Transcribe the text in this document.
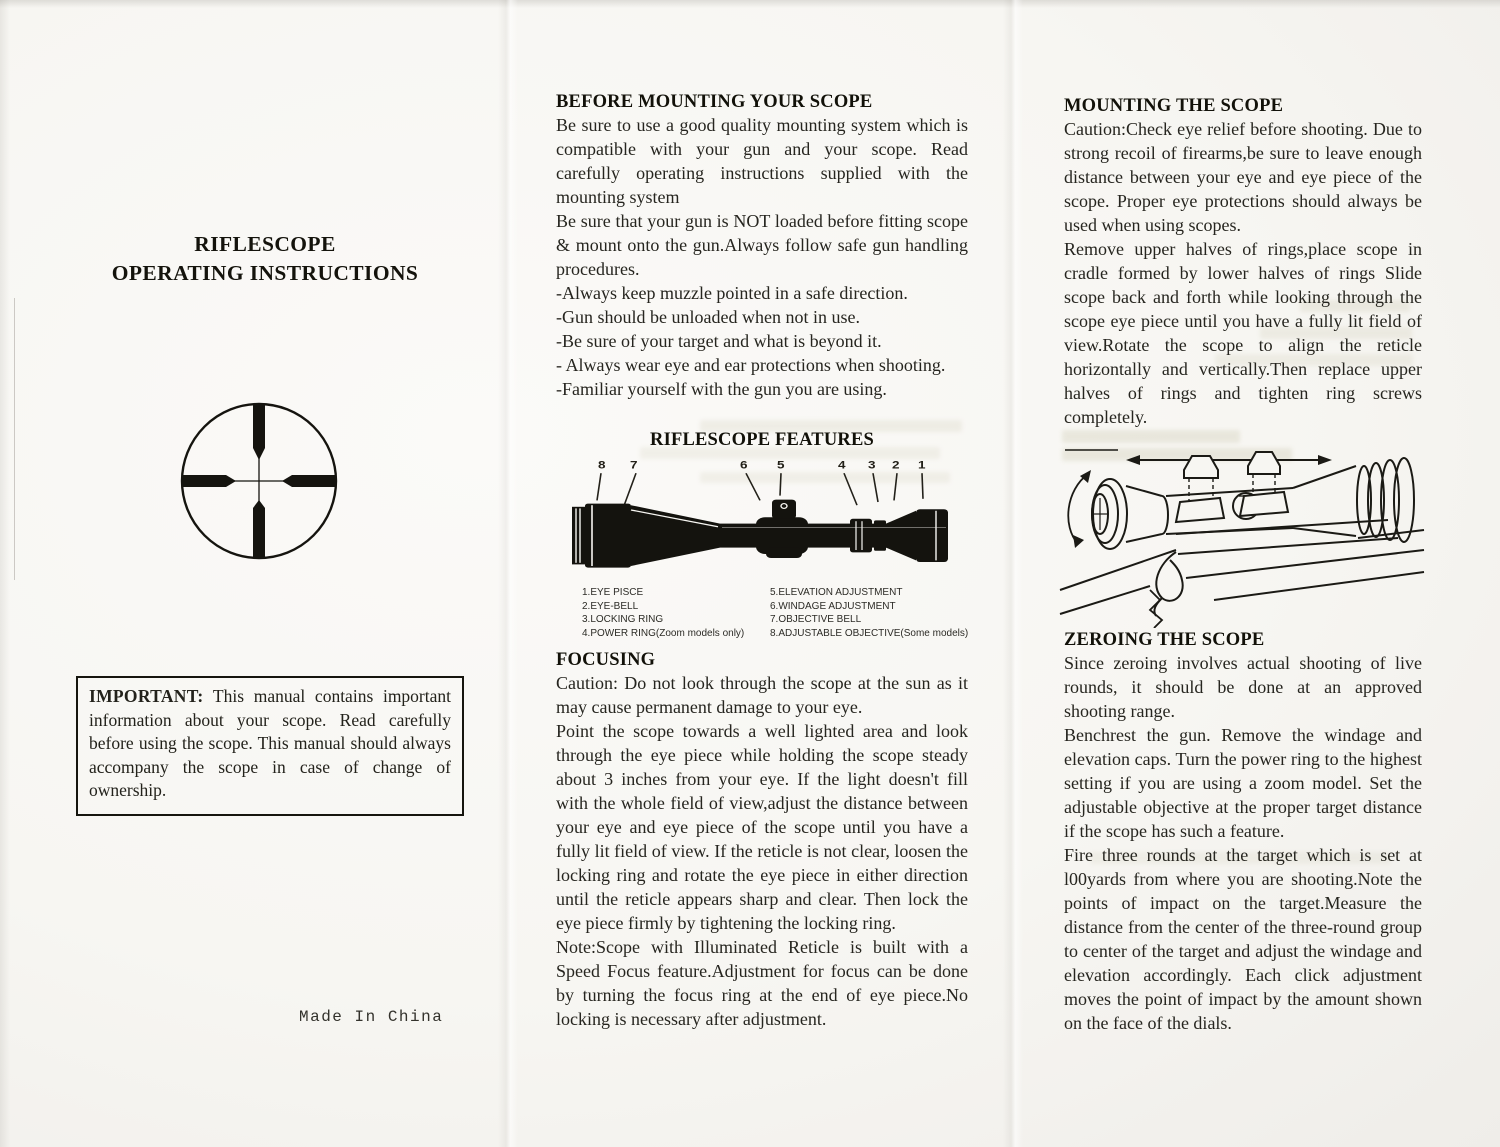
RIFLESCOPE
OPERATING INSTRUCTIONS

IMPORTANT: This manual contains important information about your scope. Read carefully before using the scope. This manual should always accompany the scope in case of change of ownership.

Made In China
BEFORE MOUNTING YOUR SCOPE

Be sure to use a good quality mounting system which is compatible with your gun and your scope. Read carefully operating instructions supplied with the mounting system

Be sure that your gun is NOT loaded before fitting scope & mount onto the gun.Always follow safe gun handling procedures.

-Always keep muzzle pointed in a safe direction.
-Gun should be unloaded when not in use.
-Be sure of your target and what is beyond it.
- Always wear eye and ear protections when shooting.
-Familiar yourself with the gun you are using.
RIFLESCOPE FEATURES
8 7	6 5	4 3 2 1
1.EYE PISCE
2.EYE-BELL
3.LOCKING RING
4.POWER RING(Zoom models only)
5.ELEVATION ADJUSTMENT
6.WINDAGE ADJUSTMENT
7.OBJECTIVE BELL
8.ADJUSTABLE OBJECTIVE(Some models)
FOCUSING

Caution: Do not look through the scope at the sun as it may cause permanent damage to your eye.

Point the scope towards a well lighted area and look through the eye piece while holding the scope steady about 3 inches from your eye. If the light doesn't fill with the whole field of view,adjust the distance between your eye and eye piece of the scope until you have a fully lit field of view. If the reticle is not clear, loosen the locking ring and rotate the eye piece in either direction until the reticle appears sharp and clear. Then lock the eye piece firmly by tightening the locking ring.

Note:Scope with Illuminated Reticle is built with a Speed Focus feature.Adjustment for focus can be done by turning the focus ring at the end of eye piece.No locking is necessary after adjustment.

MOUNTING THE SCOPE

Caution:Check eye relief before shooting. Due to strong recoil of firearms,be sure to leave enough distance between your eye and eye piece of the scope. Proper eye protections should always be used when using scopes.

Remove upper halves of rings,place scope in cradle formed by lower halves of rings Slide scope back and forth while looking through the scope eye piece until you have a fully lit field of view.Rotate the scope to align the reticle horizontally and vertically.Then replace upper halves of rings and tighten ring screws completely.

ZEROING THE SCOPE

Since zeroing involves actual shooting of live rounds, it should be done at an approved shooting range.

Benchrest the gun. Remove the windage and elevation caps. Turn the power ring to the highest setting if you are using a zoom model. Set the adjustable objective at the proper target distance if the scope has such a feature.

Fire three rounds at the target which is set at l00yards from where you are shooting.Note the points of impact on the target.Measure the distance from the center of the three-round group to center of the target and adjust the windage and elevation accordingly. Each click adjustment moves the point of impact by the amount shown on the face of the dials.
